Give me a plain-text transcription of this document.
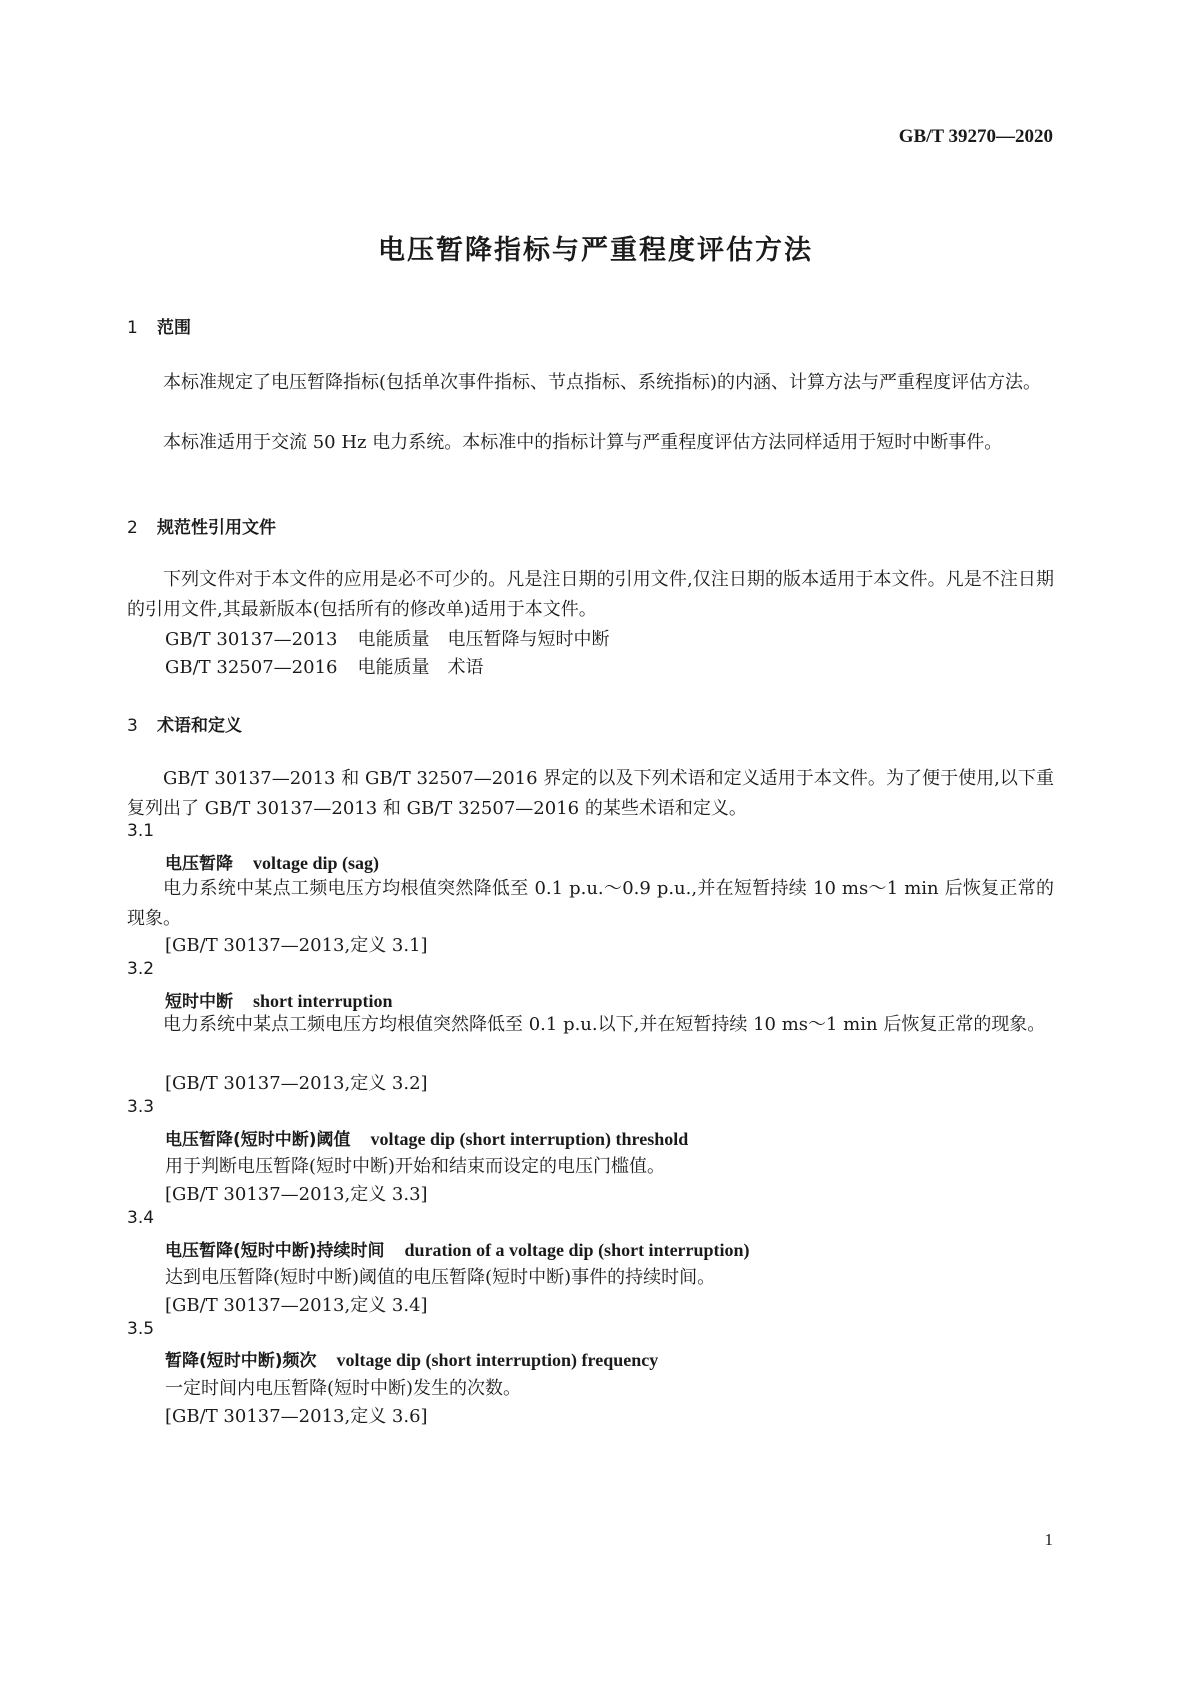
GB/T 39270—2020
电压暂降指标与严重程度评估方法
1 范围
本标准规定了电压暂降指标(包括单次事件指标、节点指标、系统指标)的内涵、计算方法与严重程度评估方法。
本标准适用于交流 50 Hz 电力系统。本标准中的指标计算与严重程度评估方法同样适用于短时中断事件。
2 规范性引用文件
下列文件对于本文件的应用是必不可少的。凡是注日期的引用文件,仅注日期的版本适用于本文件。凡是不注日期的引用文件,其最新版本(包括所有的修改单)适用于本文件。
GB/T 30137—2013 电能质量　电压暂降与短时中断
GB/T 32507—2016 电能质量　术语
3 术语和定义
GB/T 30137—2013 和 GB/T 32507—2016 界定的以及下列术语和定义适用于本文件。为了便于使用,以下重复列出了 GB/T 30137—2013 和 GB/T 32507—2016 的某些术语和定义。
3.1
电压暂降 voltage dip (sag)
电力系统中某点工频电压方均根值突然降低至 0.1 p.u.～0.9 p.u.,并在短暂持续 10 ms～1 min 后恢复正常的现象。
[GB/T 30137—2013,定义 3.1]
3.2
短时中断 short interruption
电力系统中某点工频电压方均根值突然降低至 0.1 p.u.以下,并在短暂持续 10 ms～1 min 后恢复正常的现象。
[GB/T 30137—2013,定义 3.2]
3.3
电压暂降(短时中断)阈值 voltage dip (short interruption) threshold
用于判断电压暂降(短时中断)开始和结束而设定的电压门槛值。
[GB/T 30137—2013,定义 3.3]
3.4
电压暂降(短时中断)持续时间 duration of a voltage dip (short interruption)
达到电压暂降(短时中断)阈值的电压暂降(短时中断)事件的持续时间。
[GB/T 30137—2013,定义 3.4]
3.5
暂降(短时中断)频次 voltage dip (short interruption) frequency
一定时间内电压暂降(短时中断)发生的次数。
[GB/T 30137—2013,定义 3.6]
1
